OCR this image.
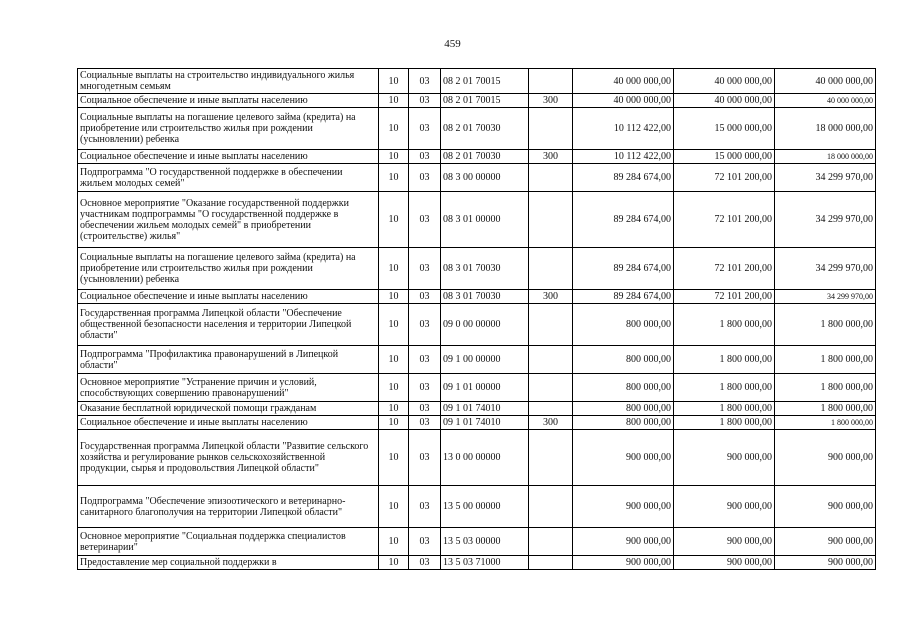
459
Социальные выплаты на строительство индивидуального жилья многодетным семьям	10	03	08 2 01 70015		40 000 000,00	40 000 000,00	40 000 000,00
Социальное обеспечение и иные выплаты населению	10	03	08 2 01 70015	300	40 000 000,00	40 000 000,00	40 000 000,00
Социальные выплаты на погашение целевого займа (кредита) на приобретение или строительство жилья при рождении (усыновлении) ребенка	10	03	08 2 01 70030		10 112 422,00	15 000 000,00	18 000 000,00
Социальное обеспечение и иные выплаты населению	10	03	08 2 01 70030	300	10 112 422,00	15 000 000,00	18 000 000,00
Подпрограмма "О государственной поддержке в обеспечении жильем молодых семей"	10	03	08 3 00 00000		89 284 674,00	72 101 200,00	34 299 970,00
Основное мероприятие "Оказание государственной поддержки участникам подпрограммы "О государственной поддержке в обеспечении жильем молодых семей" в приобретении (строительстве) жилья"	10	03	08 3 01 00000		89 284 674,00	72 101 200,00	34 299 970,00
Социальные выплаты на погашение целевого займа (кредита) на приобретение или строительство жилья при рождении (усыновлении) ребенка	10	03	08 3 01 70030		89 284 674,00	72 101 200,00	34 299 970,00
Социальное обеспечение и иные выплаты населению	10	03	08 3 01 70030	300	89 284 674,00	72 101 200,00	34 299 970,00
Государственная программа Липецкой области "Обеспечение общественной безопасности населения и территории Липецкой области"	10	03	09 0 00 00000		800 000,00	1 800 000,00	1 800 000,00
Подпрограмма "Профилактика правонарушений в Липецкой области"	10	03	09 1 00 00000		800 000,00	1 800 000,00	1 800 000,00
Основное мероприятие "Устранение причин и условий, способствующих совершению правонарушений"	10	03	09 1 01 00000		800 000,00	1 800 000,00	1 800 000,00
Оказание бесплатной юридической помощи гражданам	10	03	09 1 01 74010		800 000,00	1 800 000,00	1 800 000,00
Социальное обеспечение и иные выплаты населению	10	03	09 1 01 74010	300	800 000,00	1 800 000,00	1 800 000,00
Государственная программа Липецкой области "Развитие сельского хозяйства и регулирование рынков сельскохозяйственной продукции, сырья и продовольствия Липецкой области"	10	03	13 0 00 00000		900 000,00	900 000,00	900 000,00
Подпрограмма "Обеспечение эпизоотического и ветеринарно-санитарного благополучия на территории Липецкой области"	10	03	13 5 00 00000		900 000,00	900 000,00	900 000,00
Основное мероприятие "Социальная поддержка специалистов ветеринарии"	10	03	13 5 03 00000		900 000,00	900 000,00	900 000,00
Предоставление мер социальной поддержки в	10	03	13 5 03 71000		900 000,00	900 000,00	900 000,00
